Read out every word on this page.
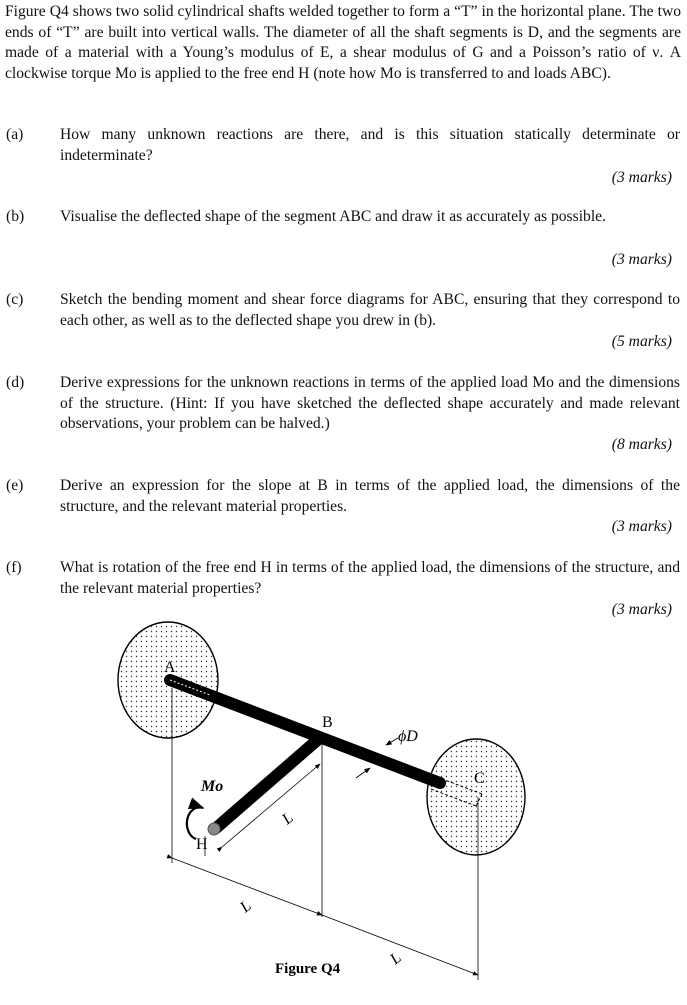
Figure Q4 shows two solid cylindrical shafts welded together to form a “T” in the horizontal plane. The two ends of “T” are built into vertical walls. The diameter of all the shaft segments is D, and the segments are made of a material with a Young’s modulus of E, a shear modulus of G and a Poisson’s ratio of ν. A clockwise torque Mo is applied to the free end H (note how Mo is transferred to and loads ABC).

(a) How many unknown reactions are there, and is this situation statically determinate or indeterminate?

(3 marks)
(b) Visualise the deflected shape of the segment ABC and draw it as accurately as possible.

(3 marks)
(c) Sketch the bending moment and shear force diagrams for ABC, ensuring that they correspond to each other, as well as to the deflected shape you drew in (b).

(5 marks)
(d) Derive expressions for the unknown reactions in terms of the applied load Mo and the dimensions of the structure. (Hint: If you have sketched the deflected shape accurately and made relevant observations, your problem can be halved.)

(8 marks)
(e) Derive an expression for the slope at B in terms of the applied load, the dimensions of the structure, and the relevant material properties.

(3 marks)
(f) What is rotation of the free end H in terms of the applied load, the dimensions of the structure, and the relevant material properties?

(3 marks)
A
B
C
H
ϕD
Mo
L
L
L
Figure Q4
